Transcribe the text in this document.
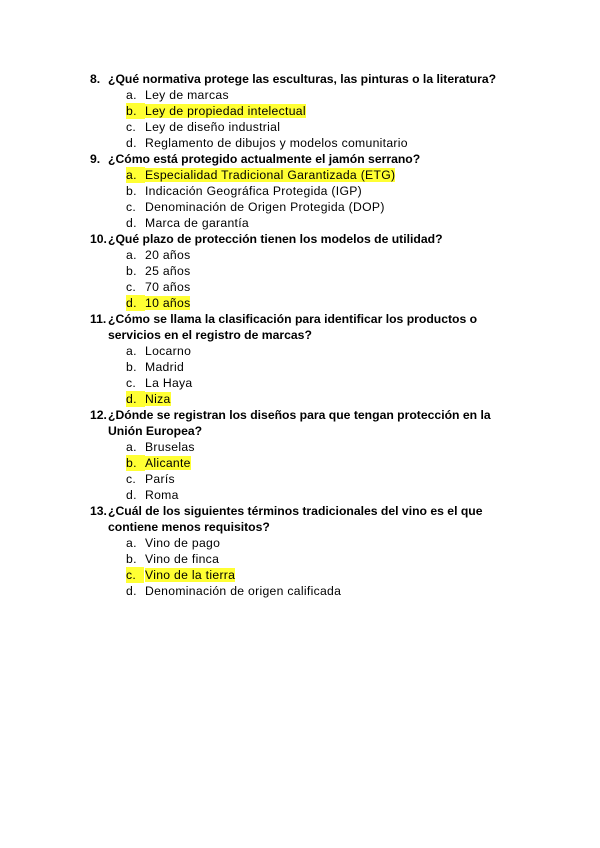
8. ¿Qué normativa protege las esculturas, las pinturas o la literatura?
a. Ley de marcas
b. Ley de propiedad intelectual
c. Ley de diseño industrial
d. Reglamento de dibujos y modelos comunitario
9. ¿Cómo está protegido actualmente el jamón serrano?
a. Especialidad Tradicional Garantizada (ETG)
b. Indicación Geográfica Protegida (IGP)
c. Denominación de Origen Protegida (DOP)
d. Marca de garantía
10. ¿Qué plazo de protección tienen los modelos de utilidad?
a. 20 años
b. 25 años
c. 70 años
d. 10 años
11. ¿Cómo se llama la clasificación para identificar los productos o servicios en el registro de marcas?
a. Locarno
b. Madrid
c. La Haya
d. Niza
12. ¿Dónde se registran los diseños para que tengan protección en la Unión Europea?
a. Bruselas
b. Alicante
c. París
d. Roma
13. ¿Cuál de los siguientes términos tradicionales del vino es el que contiene menos requisitos?
a. Vino de pago
b. Vino de finca
c. Vino de la tierra
d. Denominación de origen calificada
